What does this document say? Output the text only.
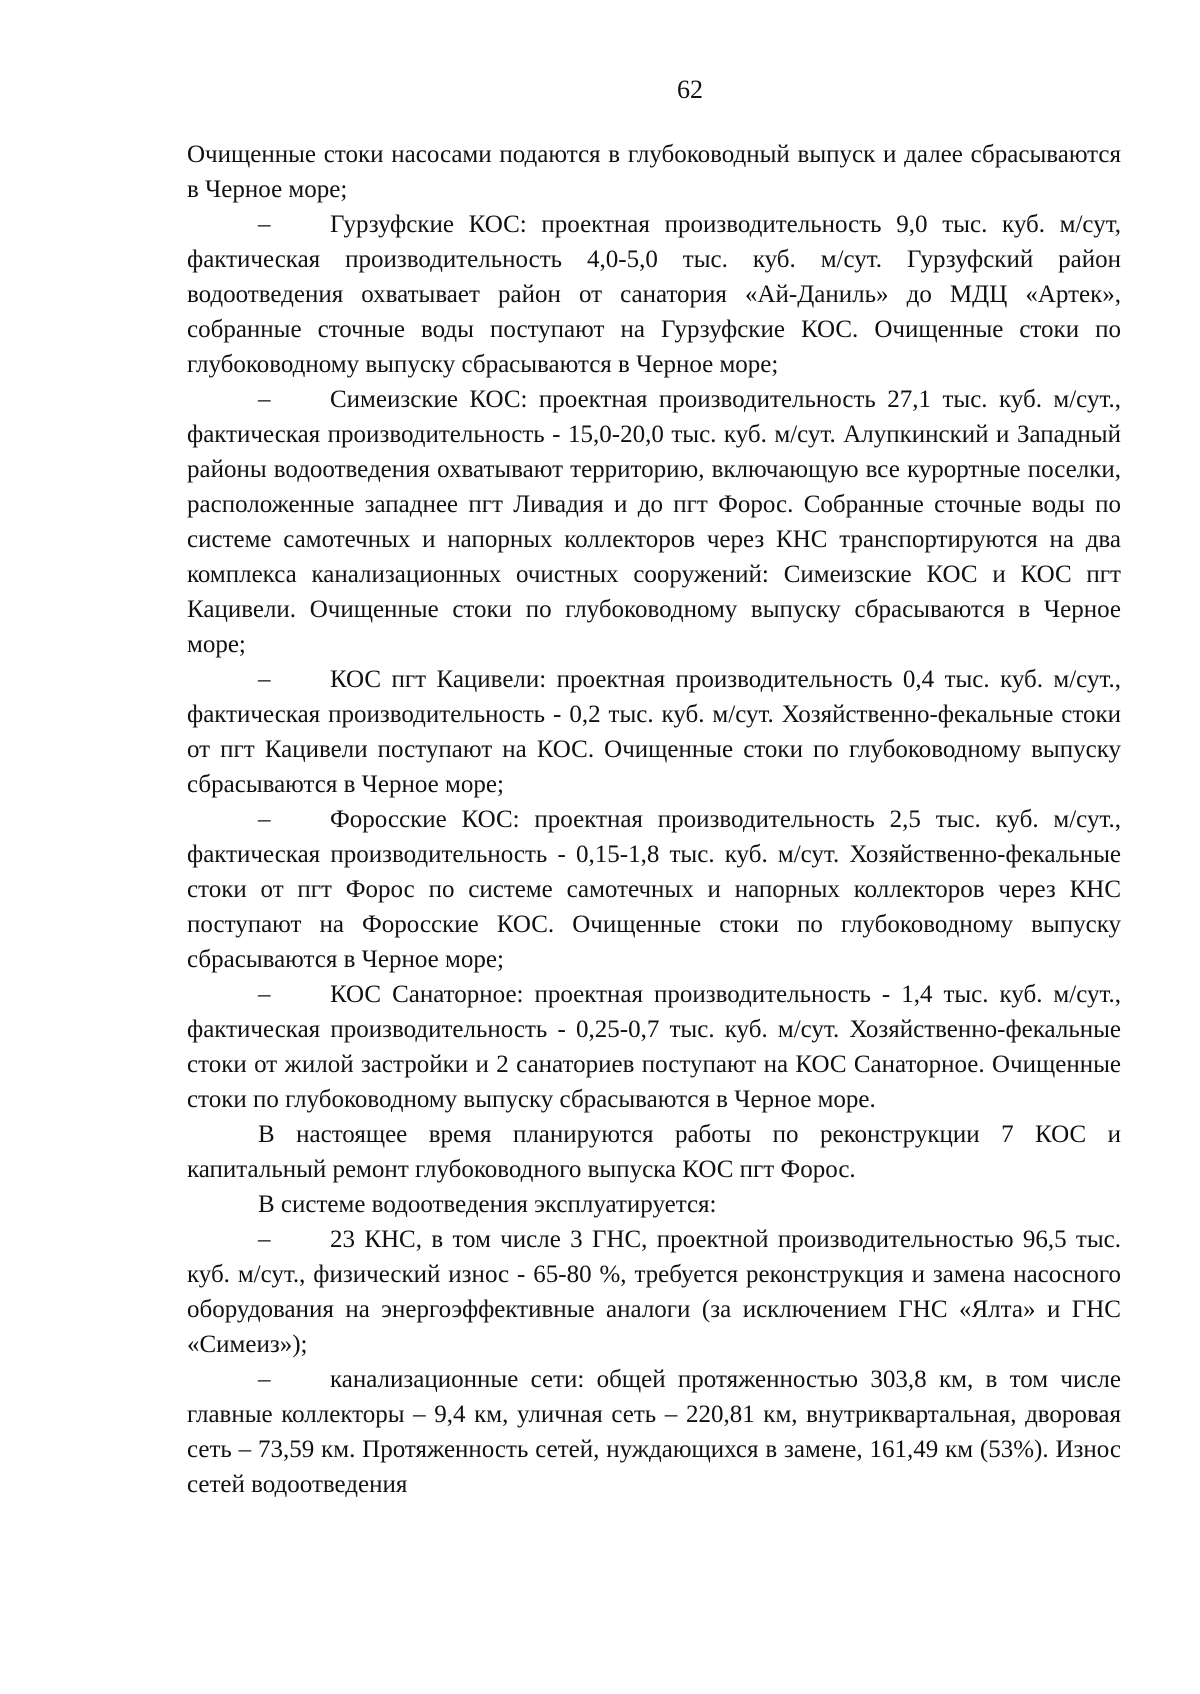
62

Очищенные стоки насосами подаются в глубоководный выпуск и далее сбрасываются в Черное море;

– Гурзуфские КОС: проектная производительность 9,0 тыс. куб. м/сут, фактическая производительность 4,0-5,0 тыс. куб. м/сут. Гурзуфский район водоотведения охватывает район от санатория «Ай-Даниль» до МДЦ «Артек», собранные сточные воды поступают на Гурзуфские КОС. Очищенные стоки по глубоководному выпуску сбрасываются в Черное море;

– Симеизские КОС: проектная производительность 27,1 тыс. куб. м/сут., фактическая производительность - 15,0-20,0 тыс. куб. м/сут. Алупкинский и Западный районы водоотведения охватывают территорию, включающую все курортные поселки, расположенные западнее пгт Ливадия и до пгт Форос. Собранные сточные воды по системе самотечных и напорных коллекторов через КНС транспортируются на два комплекса канализационных очистных сооружений: Симеизские КОС и КОС пгт Кацивели. Очищенные стоки по глубоководному выпуску сбрасываются в Черное море;

– КОС пгт Кацивели: проектная производительность 0,4 тыс. куб. м/сут., фактическая производительность - 0,2 тыс. куб. м/сут. Хозяйственно-фекальные стоки от пгт Кацивели поступают на КОС. Очищенные стоки по глубоководному выпуску сбрасываются в Черное море;

– Форосские КОС: проектная производительность 2,5 тыс. куб. м/сут., фактическая производительность - 0,15-1,8 тыс. куб. м/сут. Хозяйственно-фекальные стоки от пгт Форос по системе самотечных и напорных коллекторов через КНС поступают на Форосские КОС. Очищенные стоки по глубоководному выпуску сбрасываются в Черное море;

– КОС Санаторное: проектная производительность - 1,4 тыс. куб. м/сут., фактическая производительность - 0,25-0,7 тыс. куб. м/сут. Хозяйственно-фекальные стоки от жилой застройки и 2 санаториев поступают на КОС Санаторное. Очищенные стоки по глубоководному выпуску сбрасываются в Черное море.

В настоящее время планируются работы по реконструкции 7 КОС и капитальный ремонт глубоководного выпуска КОС пгт Форос.

В системе водоотведения эксплуатируется:

– 23 КНС, в том числе 3 ГНС, проектной производительностью 96,5 тыс. куб. м/сут., физический износ - 65-80 %, требуется реконструкция и замена насосного оборудования на энергоэффективные аналоги (за исключением ГНС «Ялта» и ГНС «Симеиз»);

– канализационные сети: общей протяженностью 303,8 км, в том числе главные коллекторы – 9,4 км, уличная сеть – 220,81 км, внутриквартальная, дворовая сеть – 73,59 км. Протяженность сетей, нуждающихся в замене, 161,49 км (53%). Износ сетей водоотведения
